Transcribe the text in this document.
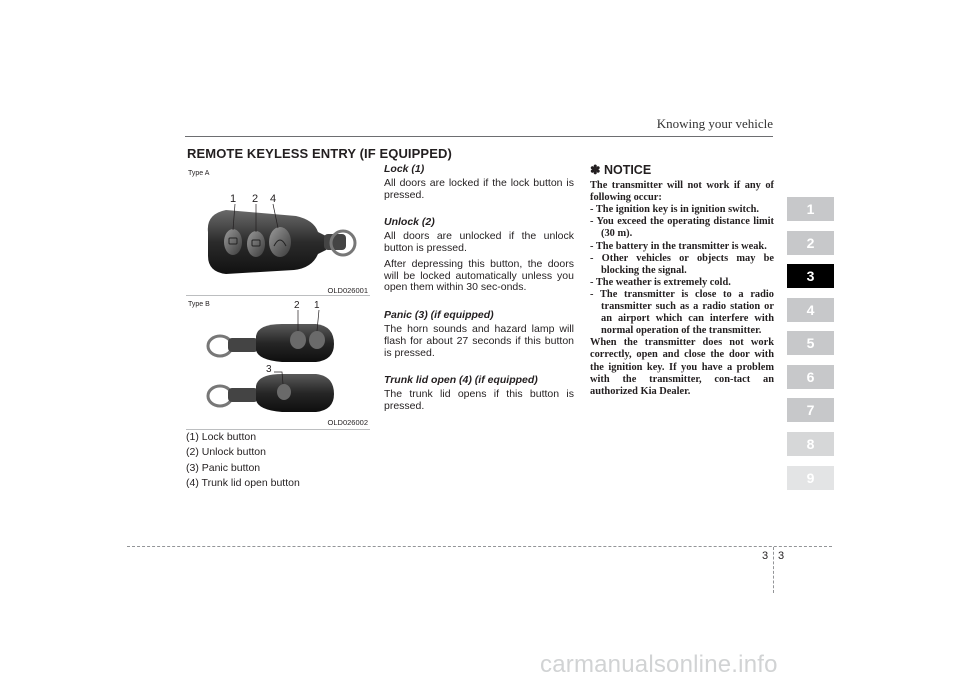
Knowing your vehicle
REMOTE KEYLESS ENTRY (IF EQUIPPED)
Type A
1 2 4
OLD026001
Type B	2 1
3
OLD026002
(1) Lock button
(2) Unlock button
(3) Panic button
(4) Trunk lid open button
Lock (1)

All doors are locked if the lock button is pressed.

Unlock (2)

All doors are unlocked if the unlock button is pressed.

After depressing this button, the doors will be locked automatically unless you open them within 30 sec-onds.

Panic (3) (if equipped)

The horn sounds and hazard lamp will flash for about 27 seconds if this button is pressed.

Trunk lid open (4) (if equipped)

The trunk lid opens if this button is pressed.

✽ NOTICE
The transmitter will not work if any of following occur:
- The ignition key is in ignition switch.
- You exceed the operating distance limit (30 m).
- The battery in the transmitter is weak.
- Other vehicles or objects may be blocking the signal.
- The weather is extremely cold.
- The transmitter is close to a radio transmitter such as a radio station or an airport which can interfere with normal operation of the transmitter.
When the transmitter does not work correctly, open and close the door with the ignition key. If you have a problem with the transmitter, con-tact an authorized Kia Dealer.
1
2
3
4
5
6
7
8
9
3 3
carmanualsonline.info
